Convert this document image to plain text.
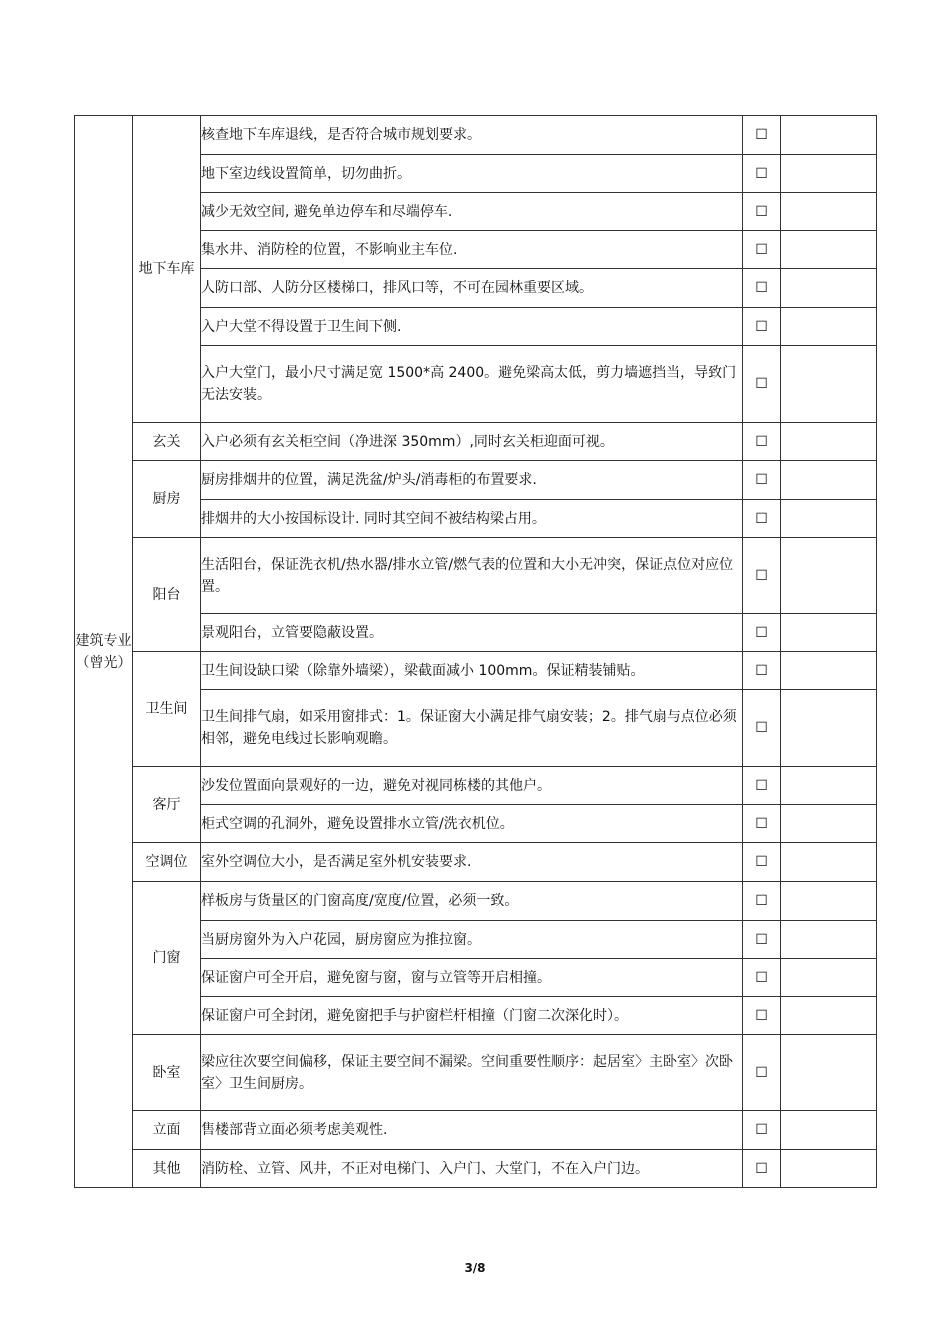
建筑专业（曾光）	地下车库	核查地下车库退线，是否符合城市规划要求。	☐	
		地下室边线设置简单，切勿曲折。	☐	
		减少无效空间, 避免单边停车和尽端停车.	☐	
		集水井、消防栓的位置，不影响业主车位.	☐	
		人防口部、人防分区楼梯口，排风口等，不可在园林重要区域。	☐	
		入户大堂不得设置于卫生间下侧.	☐	
		入户大堂门，最小尺寸满足宽 1500*高 2400。避免梁高太低，剪力墙遮挡当，导致门无法安装。	☐	
	玄关	入户必须有玄关柜空间（净进深 350mm）,同时玄关柜迎面可视。	☐	
	厨房	厨房排烟井的位置，满足洗盆/炉头/消毒柜的布置要求.	☐	
		排烟井的大小按国标设计. 同时其空间不被结构梁占用。	☐	
	阳台	生活阳台，保证洗衣机/热水器/排水立管/燃气表的位置和大小无冲突，保证点位对应位置。	☐	
		景观阳台，立管要隐蔽设置。	☐	
	卫生间	卫生间设缺口梁（除靠外墙梁），梁截面减小 100mm。保证精装铺贴。	☐	
		卫生间排气扇，如采用窗排式：1。保证窗大小满足排气扇安装；2。排气扇与点位必须相邻，避免电线过长影响观瞻。	☐	
	客厅	沙发位置面向景观好的一边，避免对视同栋楼的其他户。	☐	
		柜式空调的孔洞外，避免设置排水立管/洗衣机位。	☐	
	空调位	室外空调位大小，是否满足室外机安装要求.	☐	
	门窗	样板房与货量区的门窗高度/宽度/位置，必须一致。	☐	
		当厨房窗外为入户花园，厨房窗应为推拉窗。	☐	
		保证窗户可全开启，避免窗与窗，窗与立管等开启相撞。	☐	
		保证窗户可全封闭，避免窗把手与护窗栏杆相撞（门窗二次深化时）。	☐	
	卧室	梁应往次要空间偏移，保证主要空间不漏梁。空间重要性顺序：起居室〉主卧室〉次卧室〉卫生间厨房。	☐	
	立面	售楼部背立面必须考虑美观性.	☐	
	其他	消防栓、立管、风井，不正对电梯门、入户门、大堂门，不在入户门边。	☐	
3/8
